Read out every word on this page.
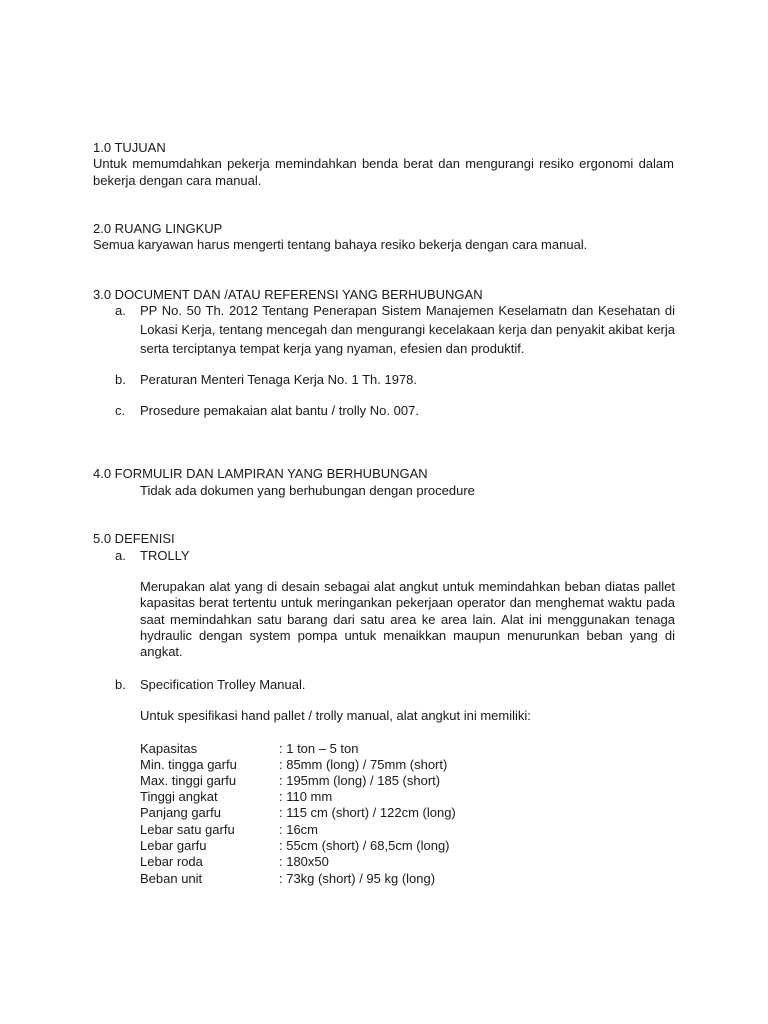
1.0 TUJUAN
Untuk memumdahkan pekerja memindahkan benda berat dan mengurangi resiko ergonomi dalam
bekerja dengan cara manual.
2.0 RUANG LINGKUP
Semua karyawan harus mengerti tentang bahaya resiko bekerja dengan cara manual.
3.0 DOCUMENT DAN /ATAU REFERENSI YANG BERHUBUNGAN
a. PP No. 50 Th. 2012 Tentang Penerapan Sistem Manajemen Keselamatn dan Kesehatan di
Lokasi Kerja, tentang mencegah dan mengurangi kecelakaan kerja dan penyakit akibat kerja
serta terciptanya tempat kerja yang nyaman, efesien dan produktif.
b. Peraturan Menteri Tenaga Kerja No. 1 Th. 1978.
c. Prosedure pemakaian alat bantu / trolly No. 007.
4.0 FORMULIR DAN LAMPIRAN YANG BERHUBUNGAN
Tidak ada dokumen yang berhubungan dengan procedure
5.0 DEFENISI
a. TROLLY
Merupakan alat yang di desain sebagai alat angkut untuk memindahkan beban diatas pallet
kapasitas berat tertentu untuk meringankan pekerjaan operator dan menghemat waktu pada
saat memindahkan satu barang dari satu area ke area lain. Alat ini menggunakan tenaga
hydraulic dengan system pompa untuk menaikkan maupun menurunkan beban yang di
angkat.
b. Specification Trolley Manual.
Untuk spesifikasi hand pallet / trolly manual, alat angkut ini memiliki:
Kapasitas	: 1 ton – 5 ton
Min. tingga garfu	: 85mm (long) / 75mm (short)
Max. tinggi garfu	: 195mm (long) / 185 (short)
Tinggi angkat	: 110 mm
Panjang garfu	: 115 cm (short) / 122cm (long)
Lebar satu garfu	: 16cm
Lebar garfu	: 55cm (short) / 68,5cm (long)
Lebar roda	: 180x50
Beban unit	: 73kg (short) / 95 kg (long)
